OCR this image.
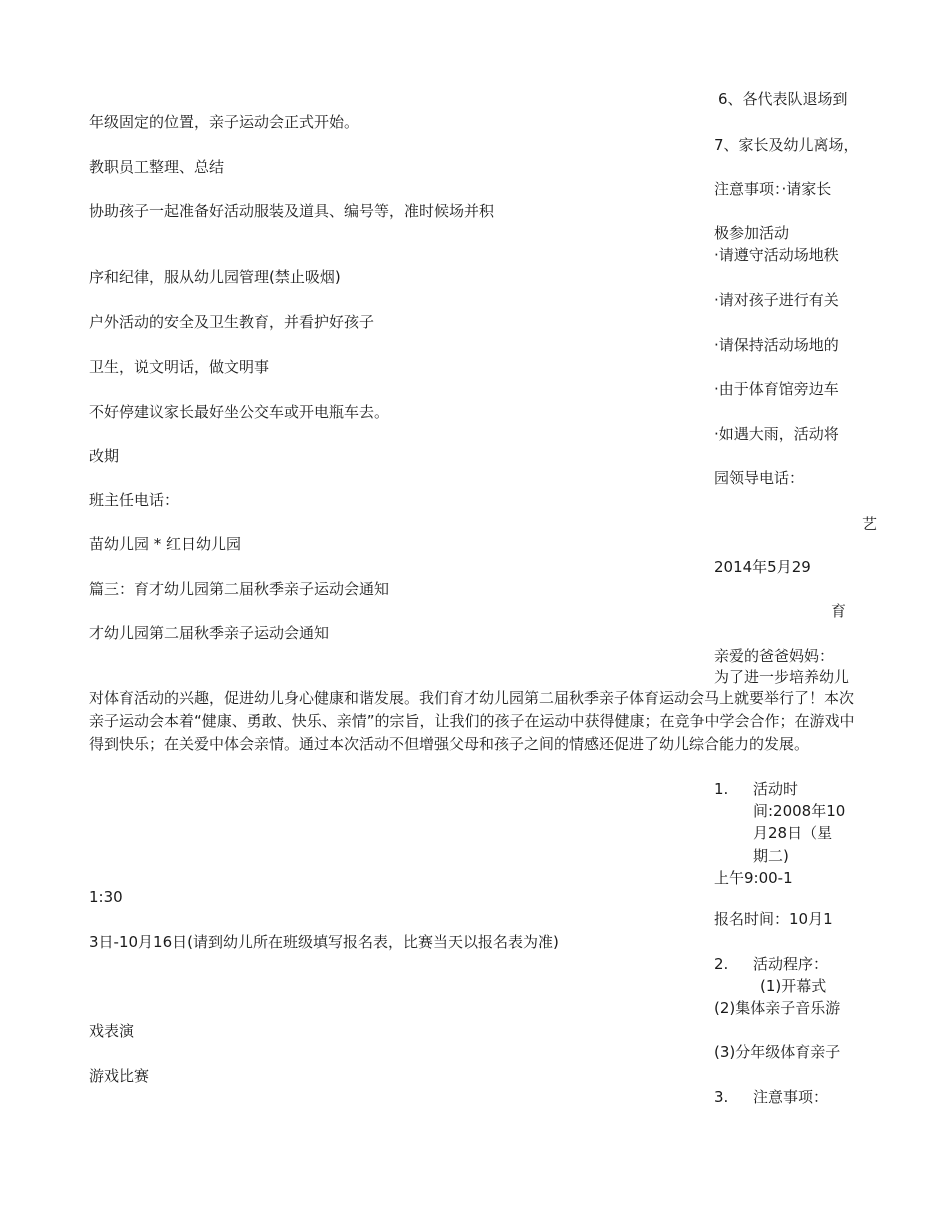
年级固定的位置，亲子运动会正式开始。
教职员工整理、总结
协助孩子一起准备好活动服装及道具、编号等，准时候场并积
序和纪律，服从幼儿园管理(禁止吸烟)
户外活动的安全及卫生教育，并看护好孩子
卫生，说文明话，做文明事
不好停建议家长最好坐公交车或开电瓶车去。
改期
班主任电话：
苗幼儿园 * 红日幼儿园
篇三：育才幼儿园第二届秋季亲子运动会通知
才幼儿园第二届秋季亲子运动会通知
对体育活动的兴趣，促进幼儿身心健康和谐发展。我们育才幼儿园第二届秋季亲子体育运动会马上就要举行了！本次亲子运动会本着“健康、勇敢、快乐、亲情”的宗旨，让我们的孩子在运动中获得健康；在竞争中学会合作；在游戏中得到快乐；在关爱中体会亲情。通过本次活动不但增强父母和孩子之间的情感还促进了幼儿综合能力的发展。
1:30
3日-10月16日(请到幼儿所在班级填写报名表，比赛当天以报名表为准)
戏表演
游戏比赛
6、各代表队退场到
7、家长及幼儿离场，
注意事项：·请家长
极参加活动
·请遵守活动场地秩
·请对孩子进行有关
·请保持活动场地的
·由于体育馆旁边车
·如遇大雨，活动将
园领导电话：
艺
2014年5月29
育
亲爱的爸爸妈妈：
为了进一步培养幼儿
1. 活动时
间:2008年10
月28日（星
期二)
上午9:00-1
报名时间：10月1
2. 活动程序：
(1)开幕式
(2)集体亲子音乐游
(3)分年级体育亲子
3. 注意事项：
